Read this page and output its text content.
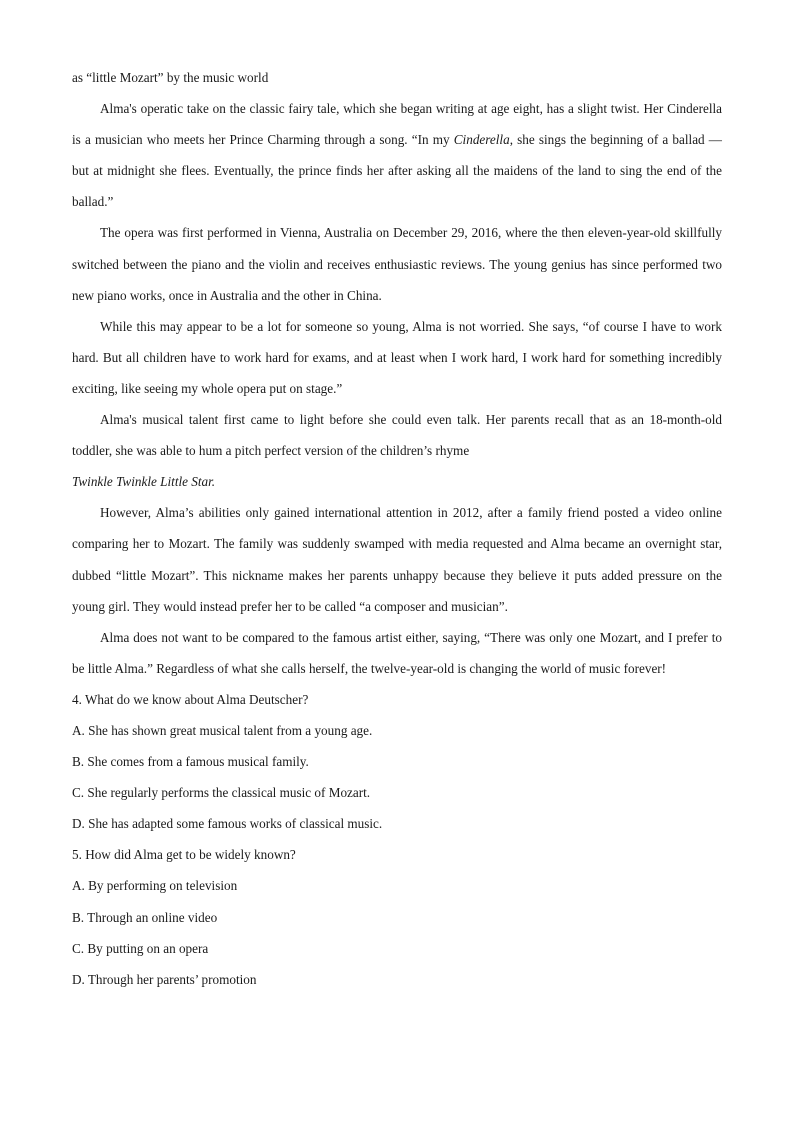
as “little Mozart” by the music world

Alma's operatic take on the classic fairy tale, which she began writing at age eight, has a slight twist. Her Cinderella is a musician who meets her Prince Charming through a song. “In my Cinderella, she sings the beginning of a ballad — but at midnight she flees. Eventually, the prince finds her after asking all the maidens of the land to sing the end of the ballad.”

The opera was first performed in Vienna, Australia on December 29, 2016, where the then eleven-year-old skillfully switched between the piano and the violin and receives enthusiastic reviews. The young genius has since performed two new piano works, once in Australia and the other in China.

While this may appear to be a lot for someone so young, Alma is not worried. She says, “of course I have to work hard. But all children have to work hard for exams, and at least when I work hard, I work hard for something incredibly exciting, like seeing my whole opera put on stage.”

Alma's musical talent first came to light before she could even talk. Her parents recall that as an 18-month-old toddler, she was able to hum a pitch perfect version of the children’s rhyme

Twinkle Twinkle Little Star.

However, Alma’s abilities only gained international attention in 2012, after a family friend posted a video online comparing her to Mozart. The family was suddenly swamped with media requested and Alma became an overnight star, dubbed “little Mozart”. This nickname makes her parents unhappy because they believe it puts added pressure on the young girl. They would instead prefer her to be called “a composer and musician”.

Alma does not want to be compared to the famous artist either, saying, “There was only one Mozart, and I prefer to be little Alma.” Regardless of what she calls herself, the twelve-year-old is changing the world of music forever!

4. What do we know about Alma Deutscher?

A. She has shown great musical talent from a young age.

B. She comes from a famous musical family.

C. She regularly performs the classical music of Mozart.

D. She has adapted some famous works of classical music.

5. How did Alma get to be widely known?

A. By performing on television

B. Through an online video

C. By putting on an opera

D. Through her parents’ promotion
